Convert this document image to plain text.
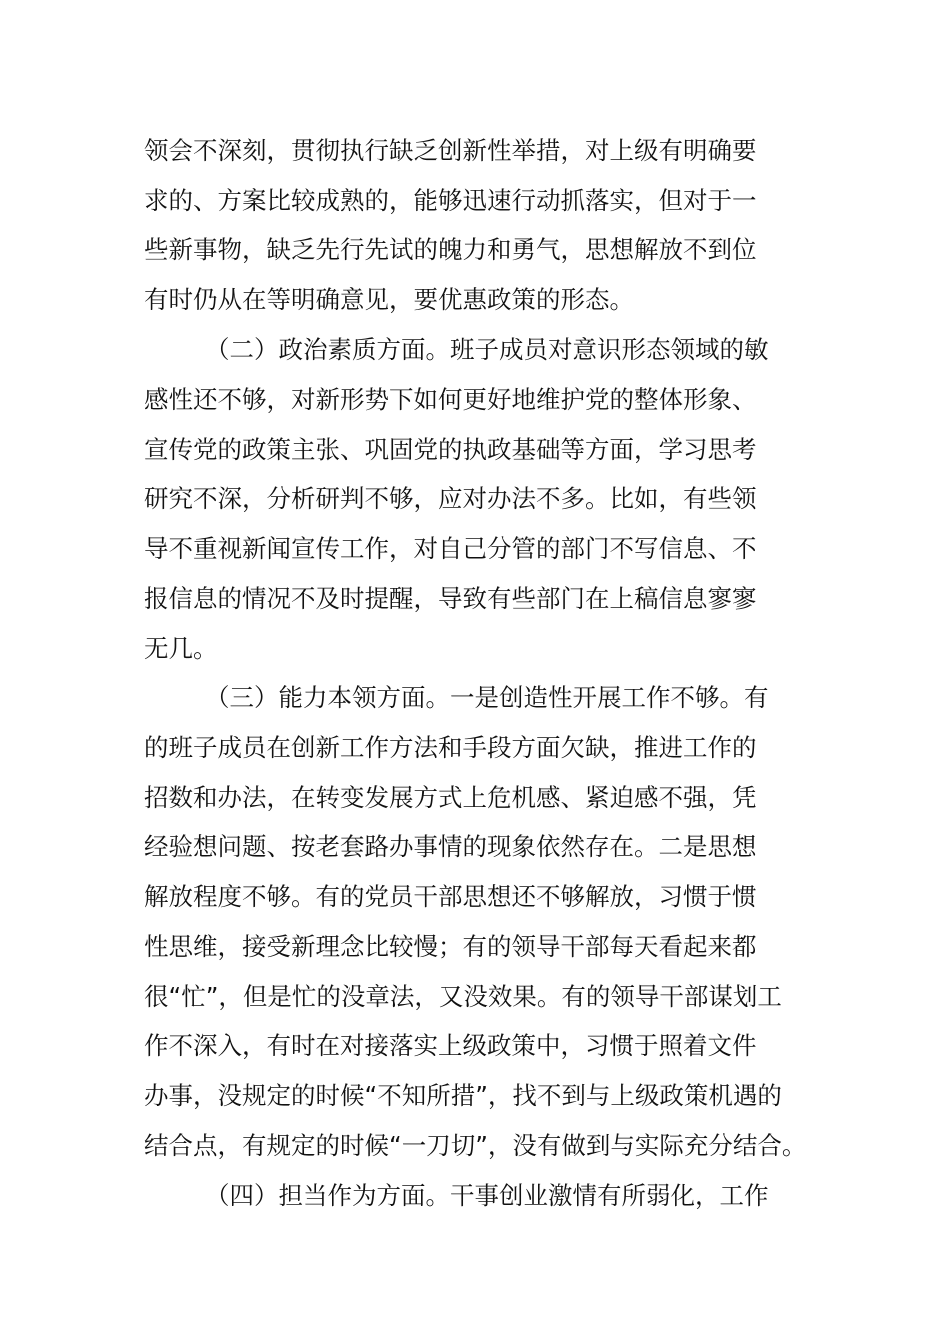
领会不深刻，贯彻执行缺乏创新性举措，对上级有明确要
求的、方案比较成熟的，能够迅速行动抓落实，但对于一
些新事物，缺乏先行先试的魄力和勇气，思想解放不到位
有时仍从在等明确意见，要优惠政策的形态。
（二）政治素质方面。班子成员对意识形态领域的敏
感性还不够，对新形势下如何更好地维护党的整体形象、
宣传党的政策主张、巩固党的执政基础等方面，学习思考
研究不深，分析研判不够，应对办法不多。比如，有些领
导不重视新闻宣传工作，对自己分管的部门不写信息、不
报信息的情况不及时提醒，导致有些部门在上稿信息寥寥
无几。
（三）能力本领方面。一是创造性开展工作不够。有
的班子成员在创新工作方法和手段方面欠缺，推进工作的
招数和办法，在转变发展方式上危机感、紧迫感不强，凭
经验想问题、按老套路办事情的现象依然存在。二是思想
解放程度不够。有的党员干部思想还不够解放，习惯于惯
性思维，接受新理念比较慢；有的领导干部每天看起来都
很“忙”，但是忙的没章法，又没效果。有的领导干部谋划工
作不深入，有时在对接落实上级政策中，习惯于照着文件
办事，没规定的时候“不知所措”，找不到与上级政策机遇的
结合点，有规定的时候“一刀切”，没有做到与实际充分结合。
（四）担当作为方面。干事创业激情有所弱化，工作
